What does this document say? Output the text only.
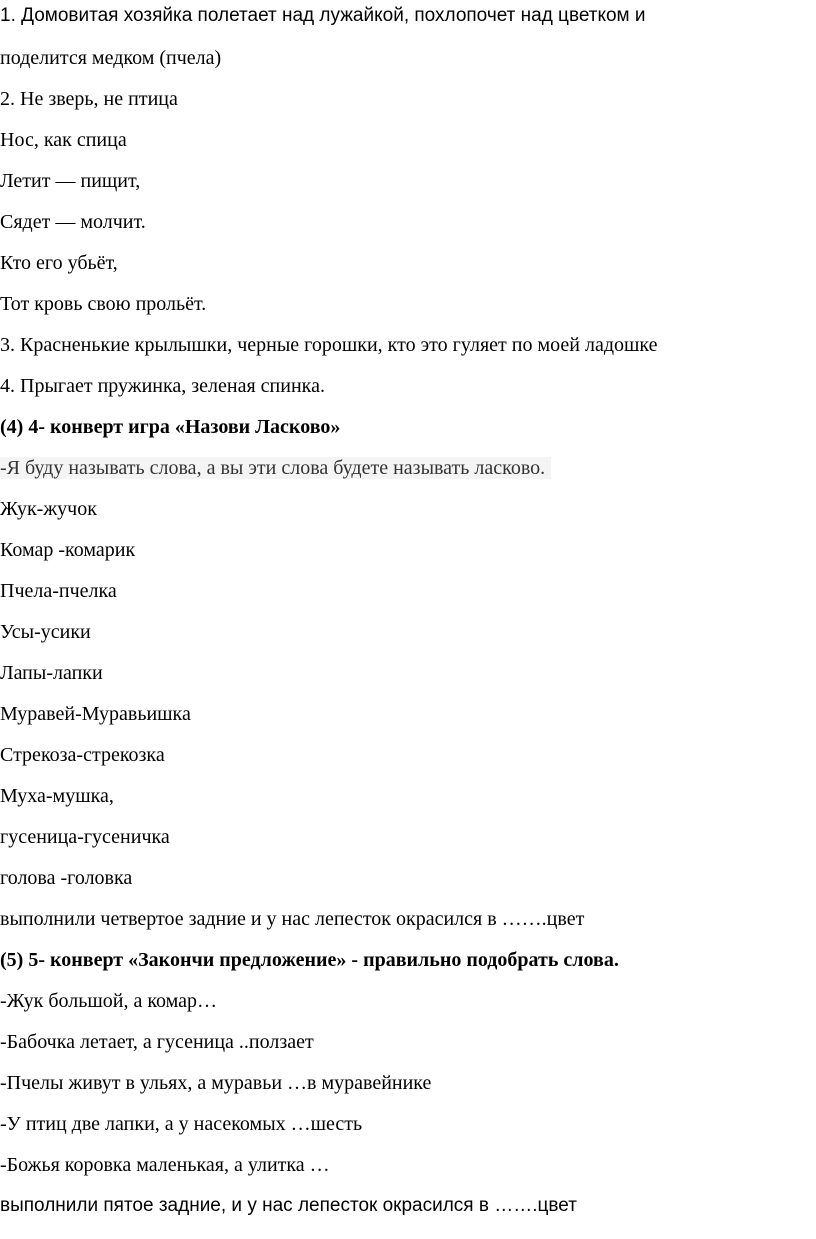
1. Домовитая хозяйка полетает над лужайкой, похлопочет над цветком и

поделится медком (пчела)

2. Не зверь, не птица

Нос, как спица

Летит — пищит,

Сядет — молчит.

Кто его убьёт,

Тот кровь свою прольёт.

3. Красненькие крылышки, черные горошки, кто это гуляет по моей ладошке

4. Прыгает пружинка, зеленая спинка.

(4) 4- конверт игра «Назови Ласково»

-Я буду называть слова, а вы эти слова будете называть ласково.

Жук-жучок

Комар -комарик

Пчела-пчелка

Усы-усики

Лапы-лапки

Муравей-Муравьишка

Стрекоза-стрекозка

Муха-мушка,

гусеница-гусеничка

голова -головка

выполнили четвертое задние и у нас лепесток окрасился в …….цвет

(5) 5- конверт «Закончи предложение» - правильно подобрать слова.

-Жук большой, а комар…

-Бабочка летает, а гусеница ..ползает

-Пчелы живут в ульях, а муравьи …в муравейнике

-У птиц две лапки, а у насекомых …шесть

-Божья коровка маленькая, а улитка …

выполнили пятое задние, и у нас лепесток окрасился в …….цвет
